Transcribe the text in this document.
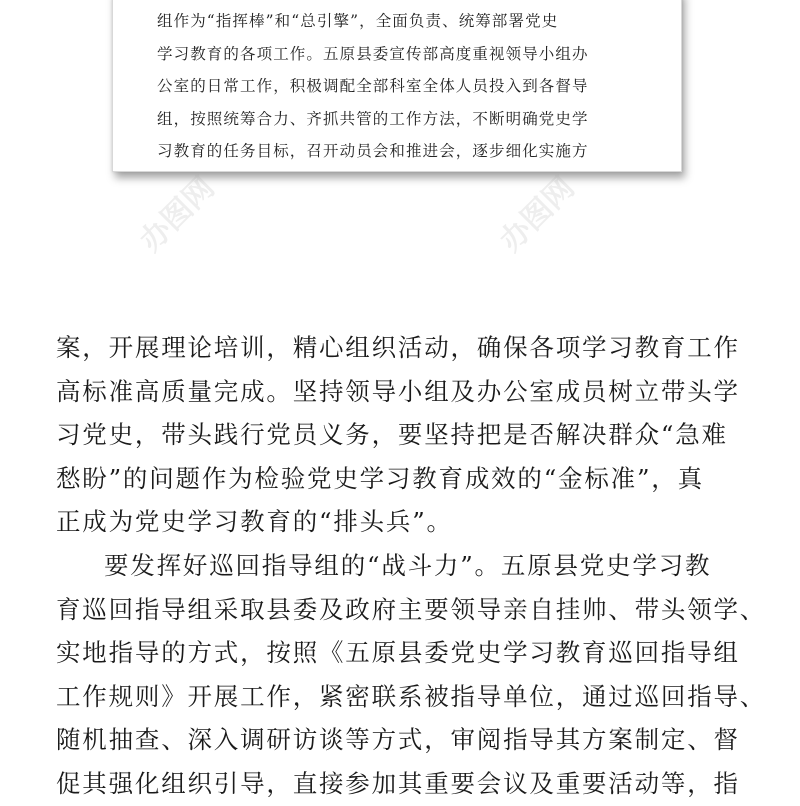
组作为“指挥棒”和“总引擎”，全面负责、统筹部署党史
学习教育的各项工作。五原县委宣传部高度重视领导小组办
公室的日常工作，积极调配全部科室全体人员投入到各督导
组，按照统筹合力、齐抓共管的工作方法，不断明确党史学
习教育的任务目标，召开动员会和推进会，逐步细化实施方
办图网	办图网
案，开展理论培训，精心组织活动，确保各项学习教育工作
高标准高质量完成。坚持领导小组及办公室成员树立带头学
习党史，带头践行党员义务，要坚持把是否解决群众“急难
愁盼”的问题作为检验党史学习教育成效的“金标准”，真
正成为党史学习教育的“排头兵”。
要发挥好巡回指导组的“战斗力”。五原县党史学习教
育巡回指导组采取县委及政府主要领导亲自挂帅、带头领学、
实地指导的方式，按照《五原县委党史学习教育巡回指导组
工作规则》开展工作，紧密联系被指导单位，通过巡回指导、
随机抽查、深入调研访谈等方式，审阅指导其方案制定、督
促其强化组织引导，直接参加其重要会议及重要活动等，指
